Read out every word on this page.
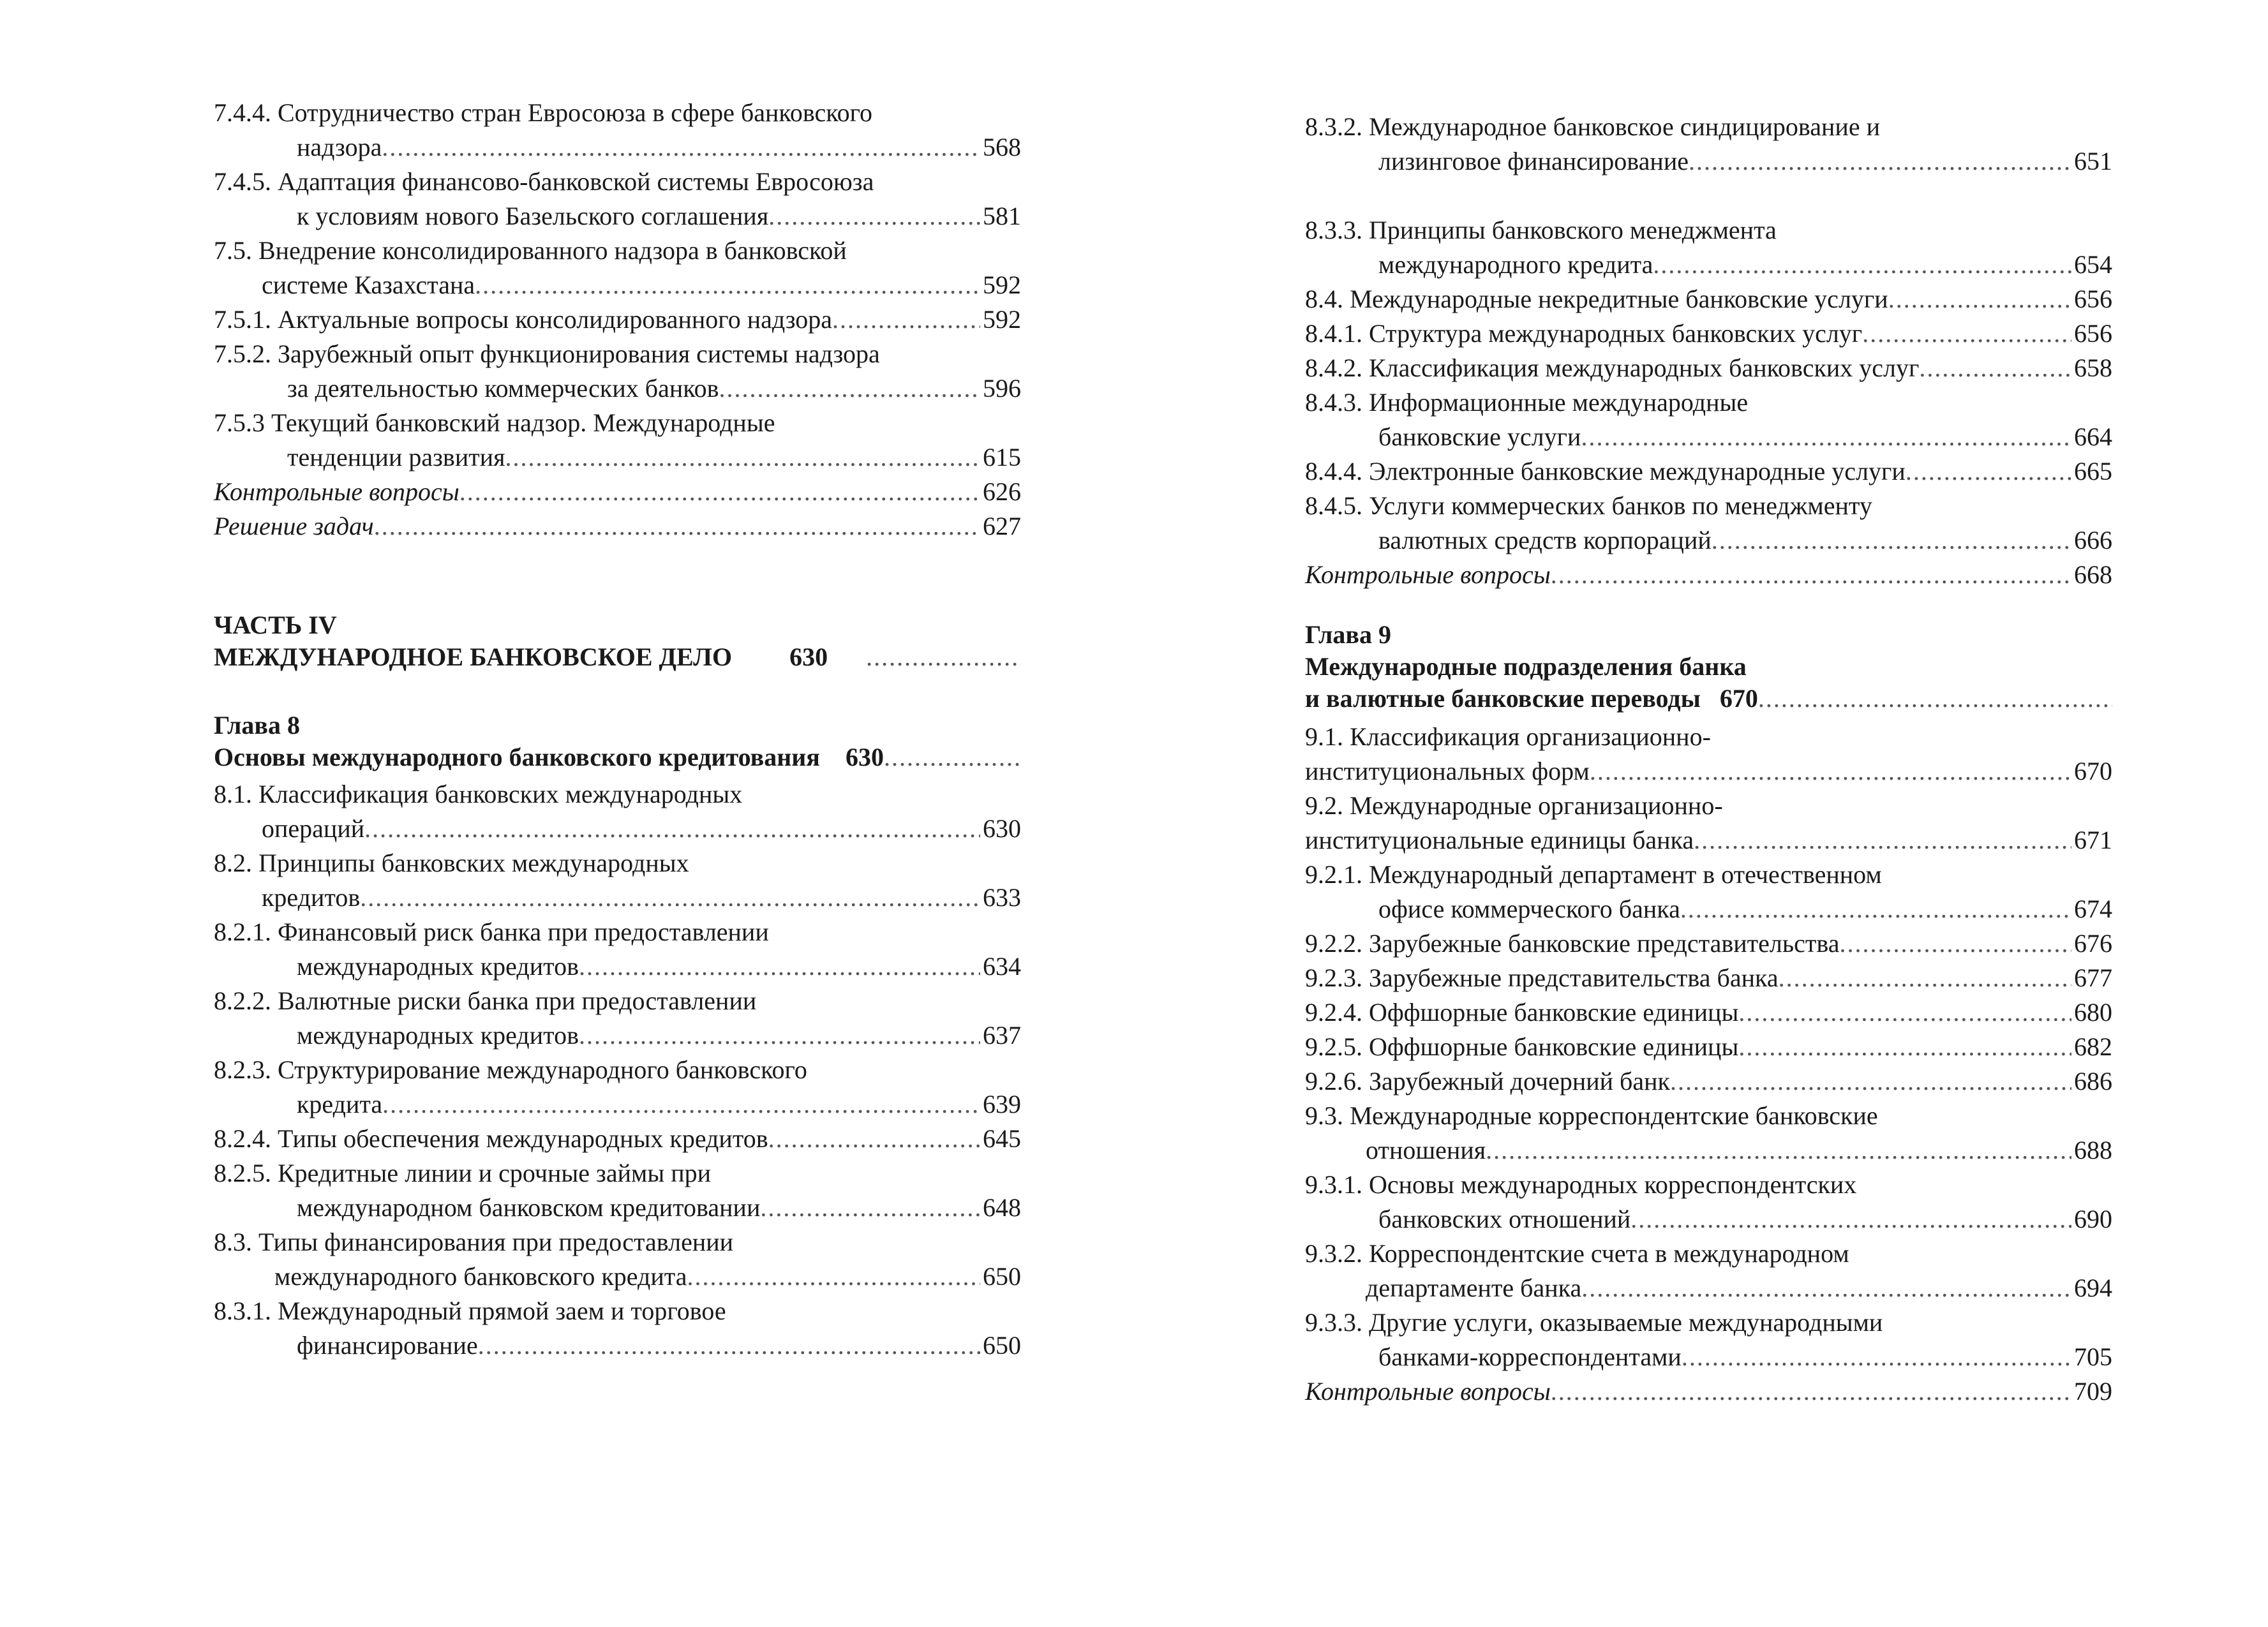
7.4.4. Сотрудничество стран Евросоюза в сфере банковского

надзора .....	568
7.4.5. Адаптация финансово-банковской системы Евросоюза

к условиям нового Базельского соглашения .....	581
7.5. Внедрение консолидированного надзора в банковской

системе Казахстана .....	592
7.5.1. Актуальные вопросы консолидированного надзора .....	592
7.5.2. Зарубежный опыт функционирования системы надзора

за деятельностью коммерческих банков .....	596
7.5.3 Текущий банковский надзор. Международные

тенденции развития .....	615
Контрольные вопросы .....	626
Решение задач .....	627
ЧАСТЬ IV
МЕЖДУНАРОДНОЕ БАНКОВСКОЕ ДЕЛО 630
.....
Глава 8
Основы международного банковского кредитования 630
.....
8.1. Классификация банковских международных

операций .....	630
8.2. Принципы банковских международных

кредитов .....	633
8.2.1. Финансовый риск банка при предоставлении

международных кредитов .....	634
8.2.2. Валютные риски банка при предоставлении

международных кредитов .....	637
8.2.3. Структурирование международного банковского

кредита .....	639
8.2.4. Типы обеспечения международных кредитов .....	645
8.2.5. Кредитные линии и срочные займы при

международном банковском кредитовании .....	648
8.3. Типы финансирования при предоставлении

международного банковского кредита .....	650
8.3.1. Международный прямой заем и торговое

финансирование .....	650
8.3.2. Международное банковское синдицирование и

лизинговое финансирование .....	651

8.3.3. Принципы банковского менеджмента

международного кредита .....	654
8.4. Международные некредитные банковские услуги .....	656
8.4.1. Структура международных банковских услуг .....	656
8.4.2. Классификация международных банковских услуг .....	658
8.4.3. Информационные международные

банковские услуги .....	664
8.4.4. Электронные банковские международные услуги .....	665
8.4.5. Услуги коммерческих банков по менеджменту

валютных средств корпораций .....	666
Контрольные вопросы .....	668
Глава 9
Международные подразделения банка
и валютные банковские переводы 670
.....
9.1. Классификация организационно-

институциональных форм .....	670
9.2. Международные организационно-

институциональные единицы банка .....	671
9.2.1. Международный департамент в отечественном

офисе коммерческого банка .....	674
9.2.2. Зарубежные банковские представительства .....	676
9.2.3. Зарубежные представительства банка .....	677
9.2.4. Оффшорные банковские единицы .....	680
9.2.5. Оффшорные банковские единицы .....	682
9.2.6. Зарубежный дочерний банк .....	686
9.3. Международные корреспондентские банковские

отношения .....	688
9.3.1. Основы международных корреспондентских

банковских отношений .....	690
9.3.2. Корреспондентские счета в международном

департаменте банка .....	694
9.3.3. Другие услуги, оказываемые международными

банками-корреспондентами .....	705
Контрольные вопросы .....	709
